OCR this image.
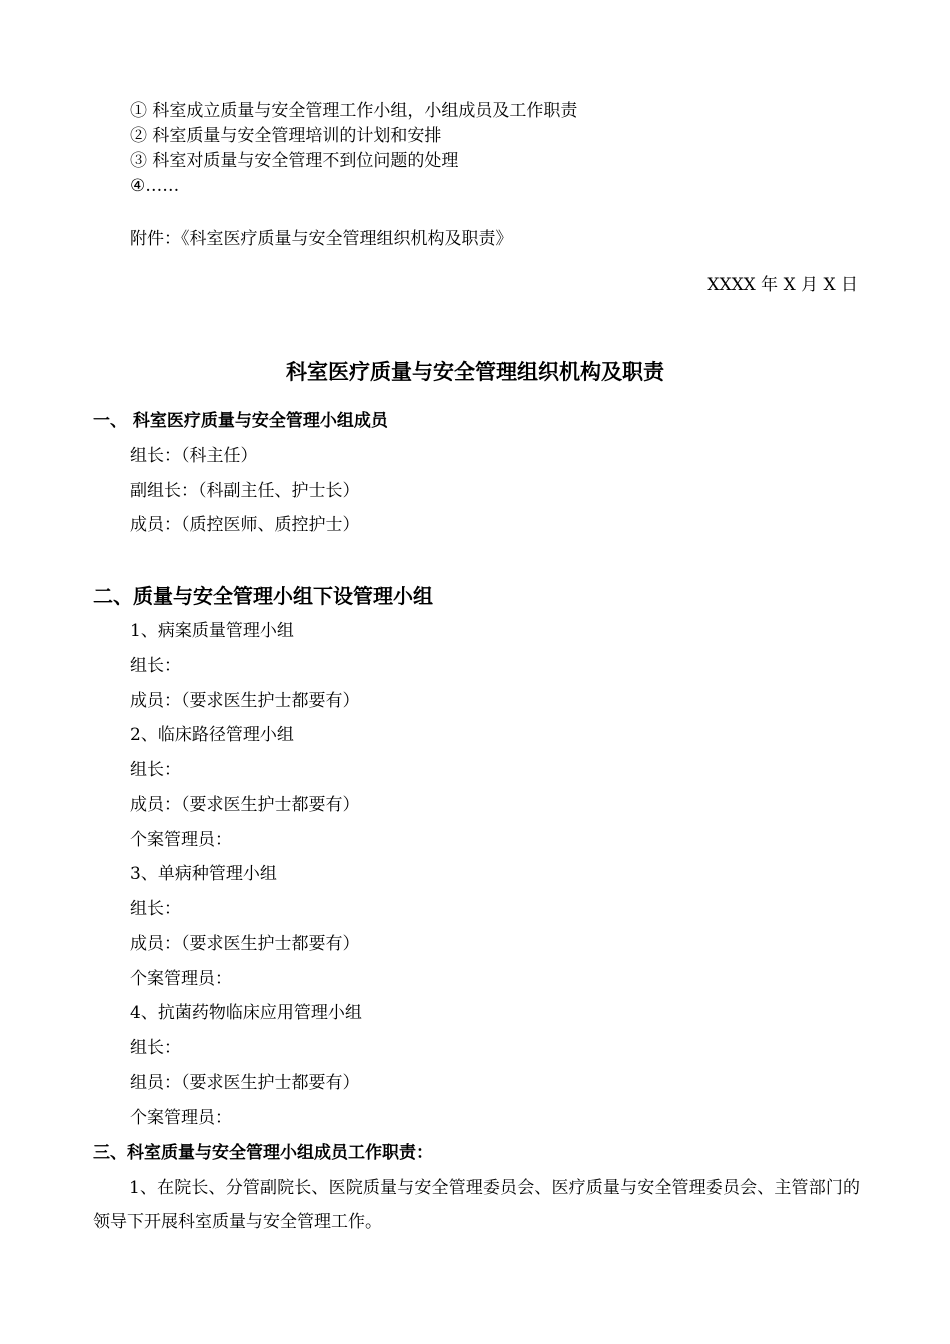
① 科室成立质量与安全管理工作小组，小组成员及工作职责
② 科室质量与安全管理培训的计划和安排
③ 科室对质量与安全管理不到位问题的处理
④……
附件：《科室医疗质量与安全管理组织机构及职责》
XXXX 年 X 月 X 日
科室医疗质量与安全管理组织机构及职责
一、 科室医疗质量与安全管理小组成员
组长：（科主任）
副组长：（科副主任、护士长）
成员：（质控医师、质控护士）
二、质量与安全管理小组下设管理小组
1、病案质量管理小组
组长：
成员：（要求医生护士都要有）
2、临床路径管理小组
组长：
成员：（要求医生护士都要有）
个案管理员：
3、单病种管理小组
组长：
成员：（要求医生护士都要有）
个案管理员：
4、抗菌药物临床应用管理小组
组长：
组员：（要求医生护士都要有）
个案管理员：
三、科室质量与安全管理小组成员工作职责：
1、在院长、分管副院长、医院质量与安全管理委员会、医疗质量与安全管理委员会、主管部门的领导下开展科室质量与安全管理工作。
